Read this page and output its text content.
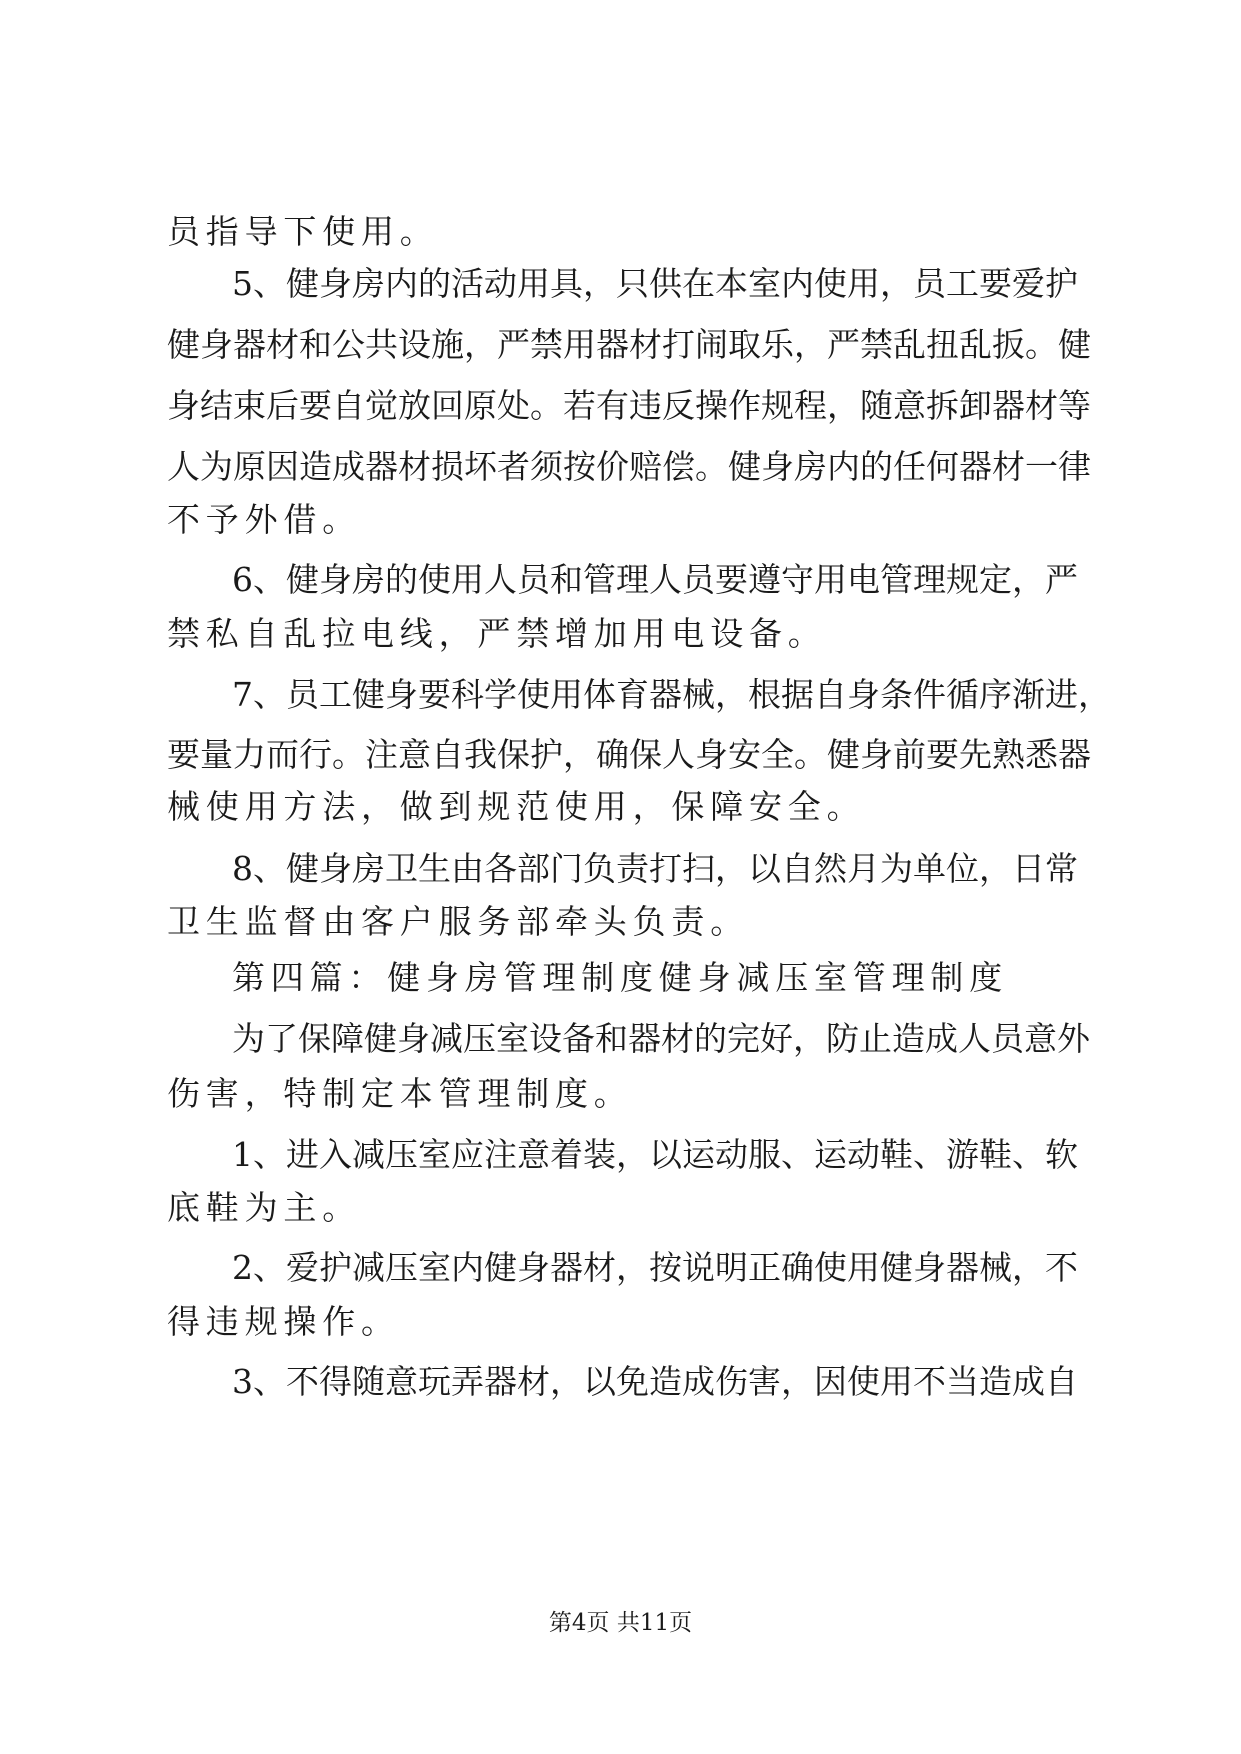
员指导下使用。
5、健身房内的活动用具，只供在本室内使用，员工要爱护
健身器材和公共设施，严禁用器材打闹取乐，严禁乱扭乱扳。健
身结束后要自觉放回原处。若有违反操作规程，随意拆卸器材等
人为原因造成器材损坏者须按价赔偿。健身房内的任何器材一律
不予外借。
6、健身房的使用人员和管理人员要遵守用电管理规定，严
禁私自乱拉电线，严禁增加用电设备。
7、员工健身要科学使用体育器械，根据自身条件循序渐进，
要量力而行。注意自我保护，确保人身安全。健身前要先熟悉器
械使用方法，做到规范使用，保障安全。
8、健身房卫生由各部门负责打扫，以自然月为单位，日常
卫生监督由客户服务部牵头负责。
第四篇：健身房管理制度健身减压室管理制度
为了保障健身减压室设备和器材的完好，防止造成人员意外
伤害，特制定本管理制度。
1、进入减压室应注意着装，以运动服、运动鞋、游鞋、软
底鞋为主。
2、爱护减压室内健身器材，按说明正确使用健身器械，不
得违规操作。
3、不得随意玩弄器材，以免造成伤害，因使用不当造成自
第4页 共11页
